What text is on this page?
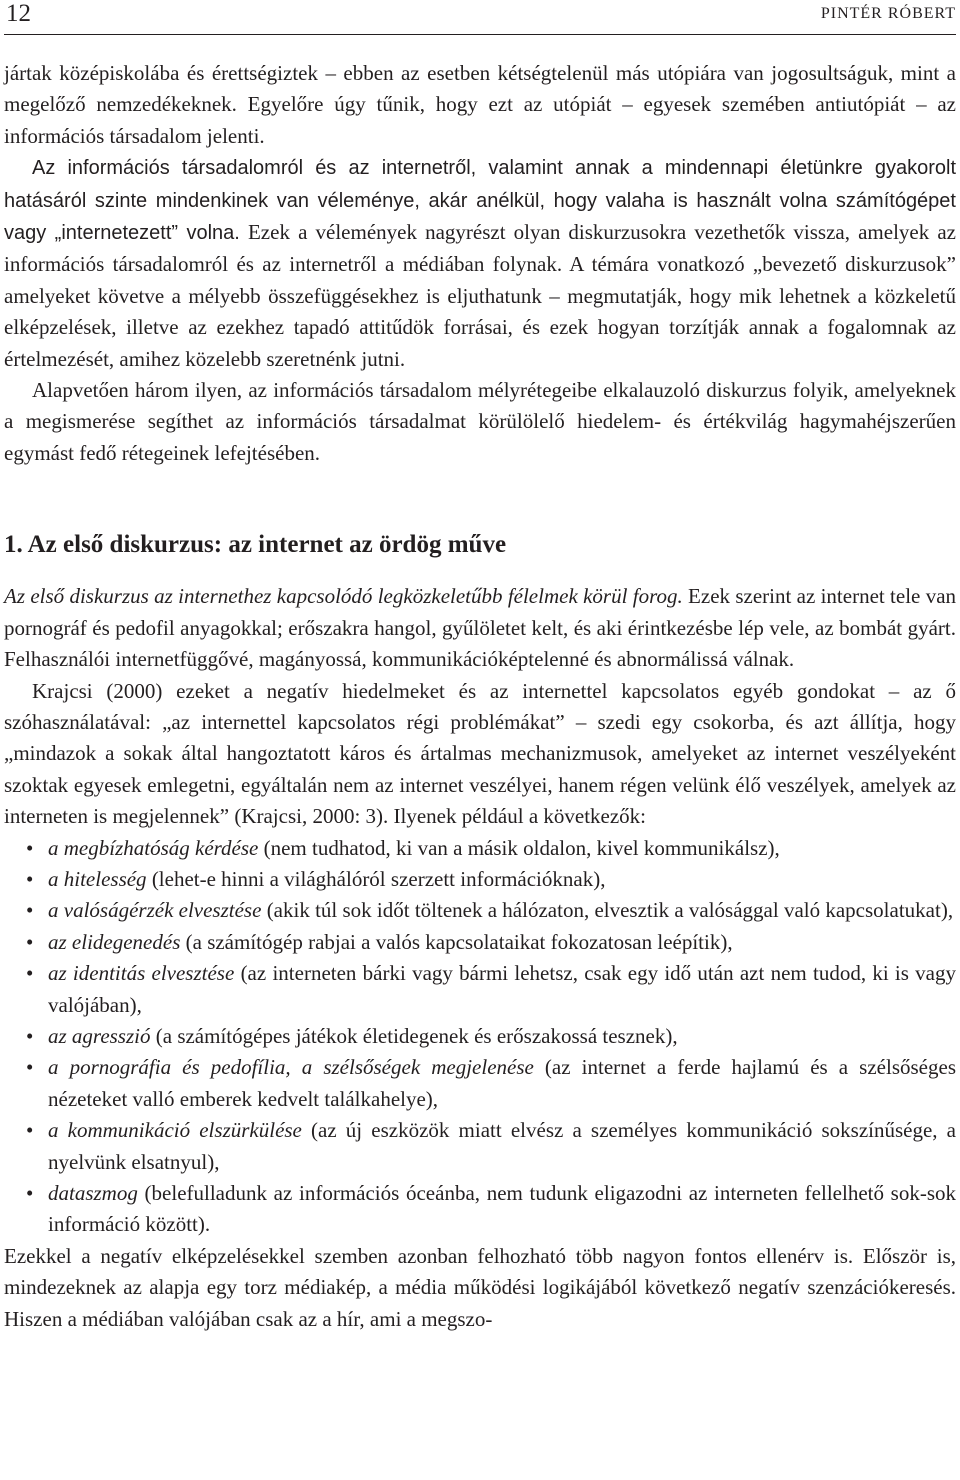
12	PINTÉR RÓBERT

jártak középiskolába és érettségiztek – ebben az esetben kétségtelenül más utópiára van jogosultságuk, mint a megelőző nemzedékeknek. Egyelőre úgy tűnik, hogy ezt az utópiát – egyesek szemében antiutópiát – az információs társadalom jelenti.

Az információs társadalomról és az internetről, valamint annak a mindennapi életünkre gyakorolt hatásáról szinte mindenkinek van véleménye, akár anélkül, hogy valaha is használt volna számítógépet vagy „internetezett” volna. Ezek a vélemények nagyrészt olyan diskurzusokra vezethetők vissza, amelyek az információs társadalomról és az internetről a médiában folynak. A témára vonatkozó „bevezető diskurzusok” amelyeket követve a mélyebb összefüggésekhez is eljuthatunk – megmutatják, hogy mik lehetnek a közkeletű elképzelések, illetve az ezekhez tapadó attitűdök forrásai, és ezek hogyan torzítják annak a fogalomnak az értelmezését, amihez közelebb szeretnénk jutni.

Alapvetően három ilyen, az információs társadalom mélyrétegeibe elkalauzoló diskurzus folyik, amelyeknek a megismerése segíthet az információs társadalmat körülölelő hiedelem- és értékvilág hagymahéjszerűen egymást fedő rétegeinek lefejtésében.

1. Az első diskurzus: az internet az ördög műve

Az első diskurzus az internethez kapcsolódó legközkeletűbb félelmek körül forog. Ezek szerint az internet tele van pornográf és pedofil anyagokkal; erőszakra hangol, gyűlöletet kelt, és aki érintkezésbe lép vele, az bombát gyárt. Felhasználói internetfüggővé, magányossá, kommunikációképtelenné és abnormálissá válnak.

Krajcsi (2000) ezeket a negatív hiedelmeket és az internettel kapcsolatos egyéb gondokat – az ő szóhasználatával: „az internettel kapcsolatos régi problémákat” – szedi egy csokorba, és azt állítja, hogy „mindazok a sokak által hangoztatott káros és ártalmas mechanizmusok, amelyeket az internet veszélyeként szoktak egyesek emlegetni, egyáltalán nem az internet veszélyei, hanem régen velünk élő veszélyek, amelyek az interneten is megjelennek” (Krajcsi, 2000: 3). Ilyenek például a következők:

• a megbízhatóság kérdése (nem tudhatod, ki van a másik oldalon, kivel kommunikálsz),
• a hitelesség (lehet-e hinni a világhálóról szerzett információknak),
• a valóságérzék elvesztése (akik túl sok időt töltenek a hálózaton, elvesztik a valósággal való kapcsolatukat),
• az elidegenedés (a számítógép rabjai a valós kapcsolataikat fokozatosan leépítik),
• az identitás elvesztése (az interneten bárki vagy bármi lehetsz, csak egy idő után azt nem tudod, ki is vagy valójában),
• az agresszió (a számítógépes játékok életidegenek és erőszakossá tesznek),
• a pornográfia és pedofília, a szélsőségek megjelenése (az internet a ferde hajlamú és a szélsőséges nézeteket valló emberek kedvelt találkahelye),
• a kommunikáció elszürkülése (az új eszközök miatt elvész a személyes kommunikáció sokszínűsége, a nyelvünk elsatnyul),
• dataszmog (belefulladunk az információs óceánba, nem tudunk eligazodni az interneten fellelhető sok-sok információ között).

Ezekkel a negatív elképzelésekkel szemben azonban felhozható több nagyon fontos ellenérv is. Először is, mindezeknek az alapja egy torz médiakép, a média működési logikájából következő negatív szenzációkeresés. Hiszen a médiában valójában csak az a hír, ami a megszo-
